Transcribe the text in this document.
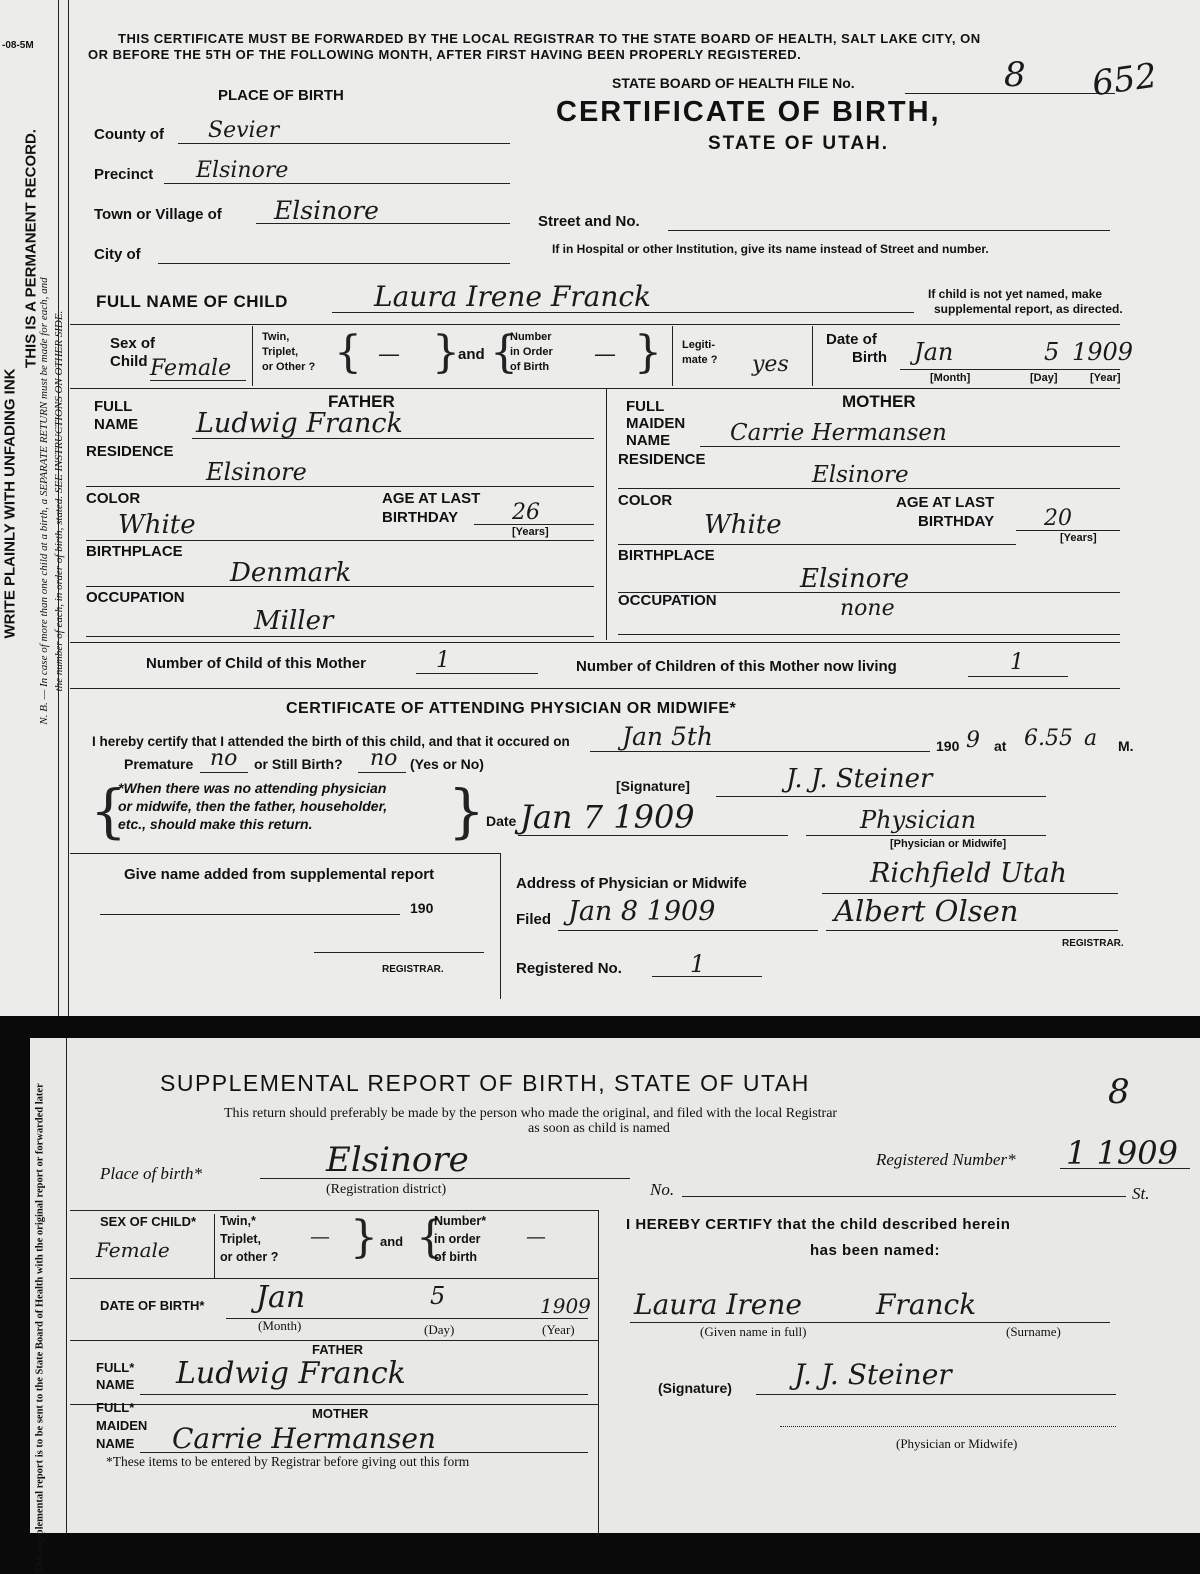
-08-5M
WRITE PLAINLY WITH UNFADING INK
THIS IS A PERMANENT RECORD.
N. B. — In case of more than one child at a birth, a SEPARATE RETURN must be made for each, and the number of each, in order of birth, stated. SEE INSTRUCTIONS ON OTHER SIDE.
THIS CERTIFICATE MUST BE FORWARDED BY THE LOCAL REGISTRAR TO THE STATE BOARD OF HEALTH, SALT LAKE CITY, ON
OR BEFORE THE 5TH OF THE FOLLOWING MONTH, AFTER FIRST HAVING BEEN PROPERLY REGISTERED.
STATE BOARD OF HEALTH FILE No.	8 652
CERTIFICATE OF BIRTH,
STATE OF UTAH.
PLACE OF BIRTH
County of Sevier
Precinct Elsinore
Town or Village of Elsinore	Street and No.
If in Hospital or other Institution, give its name instead of Street and number.
City of
FULL NAME OF CHILD	Laura Irene Franck	If child is not yet named, make
supplemental report, as directed.
Sex of
Child Female
Twin,
Triplet,
or Other ? { — }
and {
Number
in Order
of Birth — } Legiti-
mate ? yes
Date of
Birth Jan	5 1909
[Month]	[Day]	[Year]
FATHER
FULL
NAME Ludwig Franck
RESIDENCE
Elsinore
COLOR	AGE AT LAST
BIRTHDAY
White	26
[Years]
BIRTHPLACE
Denmark
OCCUPATION
Miller
MOTHER
FULL
MAIDEN
NAME	Carrie Hermansen
RESIDENCE
Elsinore
COLOR	AGE AT LAST
BIRTHDAY
White	20
[Years]
BIRTHPLACE
Elsinore
OCCUPATION	none
Number of Child of this Mother	1	Number of Children of this Mother now living	1
CERTIFICATE OF ATTENDING PHYSICIAN OR MIDWIFE*
I hereby certify that I attended the birth of this child, and that it occured on Jan 5th	190 9 at 6.55 a M.
Premature no or Still Birth? no (Yes or No)
{
*When there was no attending physician
or midwife, then the father, householder,
etc., should make this return. }	[Signature]	J. J. Steiner
Date Jan 7 1909	Physician
[Physician or Midwife]
Give name added from supplemental report
190
REGISTRAR.
Address of Physician or Midwife	Richfield Utah
Filed Jan 8 1909	Albert Olsen
REGISTRAR.
Registered No.	1
This supplemental report is to be sent to the State Board of Health with the original report or forwarded later
SUPPLEMENTAL REPORT OF BIRTH, STATE OF UTAH	8
This return should preferably be made by the person who made the original, and filed with the local Registrar
as soon as child is named
Place of birth*	Elsinore
(Registration district)
Registered Number* 1 1909
No.	St.
SEX OF CHILD*
Female
Twin,*
Triplet,
or other ?
— } and {
Number*
in order
of birth
—
DATE OF BIRTH* Jan	5	1909
(Month)	(Day)	(Year)
FATHER
FULL*
NAME Ludwig Franck
MOTHER
FULL*
MAIDEN
NAME Carrie Hermansen
*These items to be entered by Registrar before giving out this form
I HEREBY CERTIFY that the child described herein
has been named:
Laura Irene	Franck
(Given name in full)	(Surname)
(Signature) J. J. Steiner
(Physician or Midwife)
